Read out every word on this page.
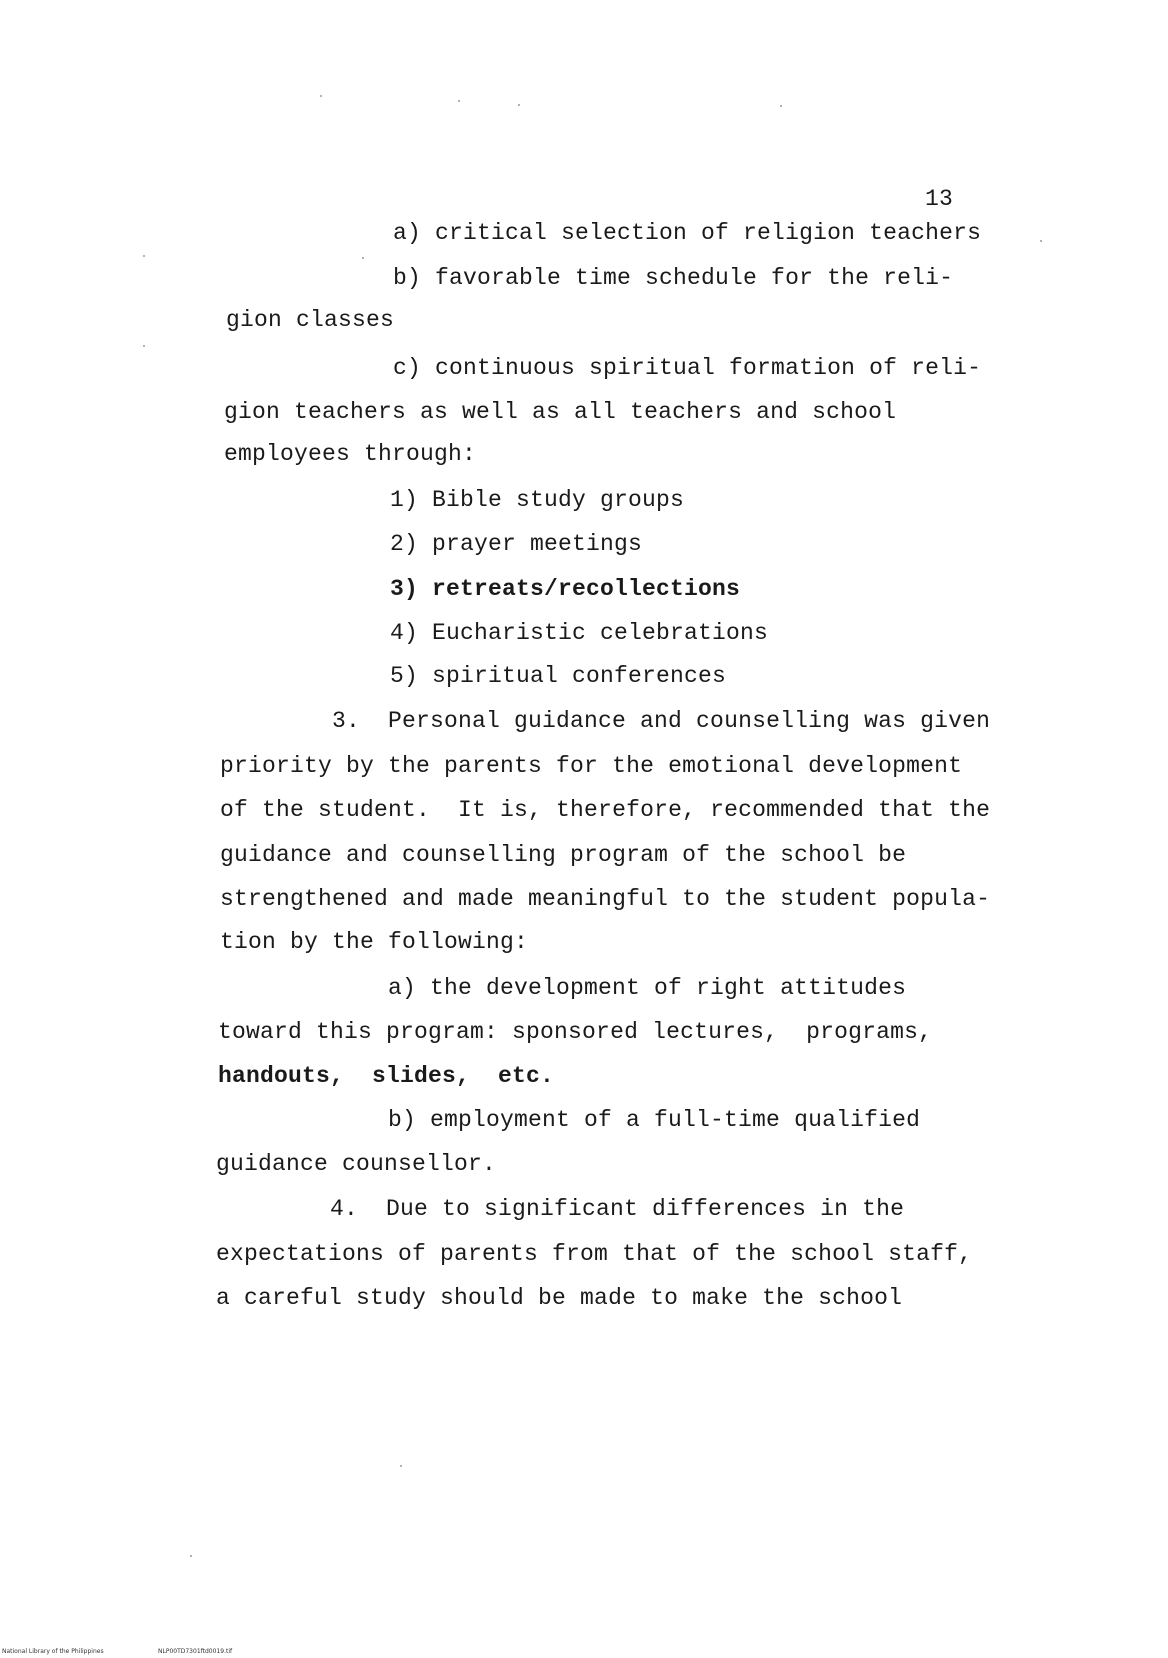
13
a) critical selection of religion teachers
b) favorable time schedule for the reli-
gion classes
c) continuous spiritual formation of reli-
gion teachers as well as all teachers and school
employees through:
1) Bible study groups
2) prayer meetings
3) retreats/recollections
4) Eucharistic celebrations
5) spiritual conferences
3.  Personal guidance and counselling was given
priority by the parents for the emotional development
of the student.  It is, therefore, recommended that the
guidance and counselling program of the school be
strengthened and made meaningful to the student popula-
tion by the following:
a) the development of right attitudes
toward this program: sponsored lectures,  programs,
handouts,  slides,  etc.
b) employment of a full-time qualified
guidance counsellor.
4.  Due to significant differences in the
expectations of parents from that of the school staff,
a careful study should be made to make the school
National Library of the Philippines	NLP00TD7301ftd0019.tif
